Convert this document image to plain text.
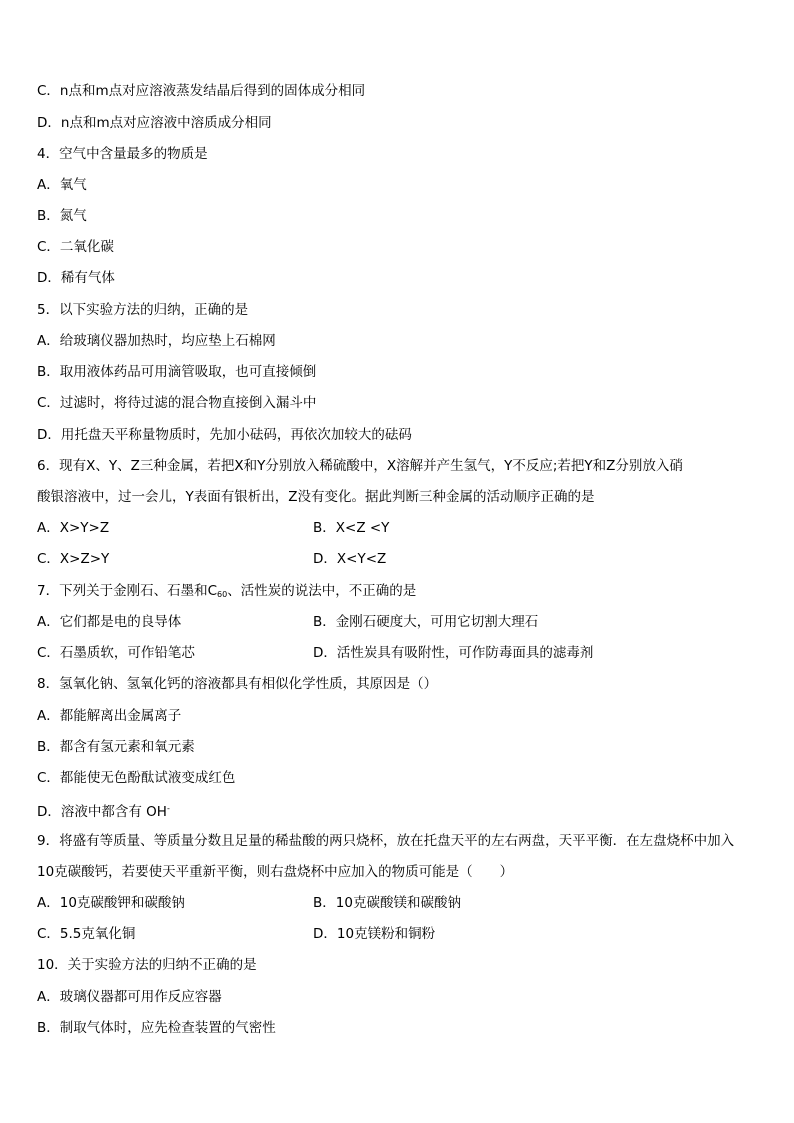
C．n点和m点对应溶液蒸发结晶后得到的固体成分相同
D．n点和m点对应溶液中溶质成分相同
4．空气中含量最多的物质是
A．氧气
B．氮气
C．二氧化碳
D．稀有气体
5．以下实验方法的归纳，正确的是
A．给玻璃仪器加热时，均应垫上石棉网
B．取用液体药品可用滴管吸取，也可直接倾倒
C．过滤时，将待过滤的混合物直接倒入漏斗中
D．用托盘天平称量物质时，先加小砝码，再依次加较大的砝码
6．现有X、Y、Z三种金属，若把X和Y分别放入稀硫酸中，X溶解并产生氢气，Y不反应;若把Y和Z分别放入硝
酸银溶液中，过一会儿，Y表面有银析出，Z没有变化。据此判断三种金属的活动顺序正确的是
A．X>Y>Z	B．X<Z <Y
C．X>Z>Y	D．X<Y<Z
7．下列关于金刚石、石墨和$C_{60}$、活性炭的说法中，不正确的是
A．它们都是电的良导体	B．金刚石硬度大，可用它切割大理石
C．石墨质软，可作铅笔芯	D．活性炭具有吸附性，可作防毒面具的滤毒剂
8．氢氧化钠、氢氧化钙的溶液都具有相似化学性质，其原因是（）
A．都能解离出金属离子
B．都含有氢元素和氧元素
C．都能使无色酚酞试液变成红色
D．溶液中都含有 OH-
9．将盛有等质量、等质量分数且足量的稀盐酸的两只烧杯，放在托盘天平的左右两盘，天平平衡．在左盘烧杯中加入
10克碳酸钙，若要使天平重新平衡，则右盘烧杯中应加入的物质可能是（　　）
A．10克碳酸钾和碳酸钠	B．10克碳酸镁和碳酸钠
C．5.5克氧化铜	D．10克镁粉和铜粉
10．关于实验方法的归纳不正确的是
A．玻璃仪器都可用作反应容器
B．制取气体时，应先检查装置的气密性
